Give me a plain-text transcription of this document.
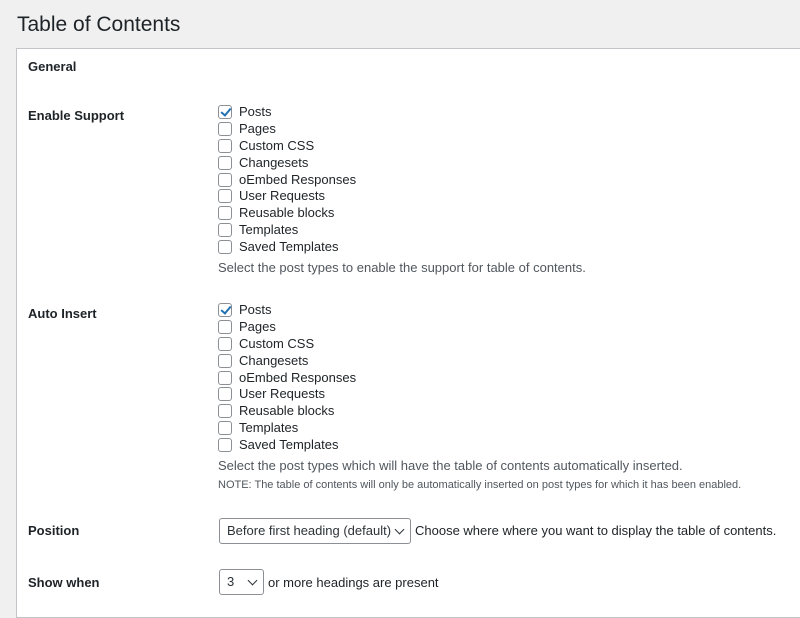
Table of Contents
General
Enable Support	Posts
Pages
Custom CSS
Changesets
oEmbed Responses
User Requests
Reusable blocks
Templates
Saved Templates
Select the post types to enable the support for table of contents.
Auto Insert	Posts
Pages
Custom CSS
Changesets
oEmbed Responses
User Requests
Reusable blocks
Templates
Saved Templates
Select the post types which will have the table of contents automatically inserted.
NOTE: The table of contents will only be automatically inserted on post types for which it has been enabled.
Position	Before first heading (default)	Choose where where you want to display the table of contents.
Show when	3	or more headings are present
